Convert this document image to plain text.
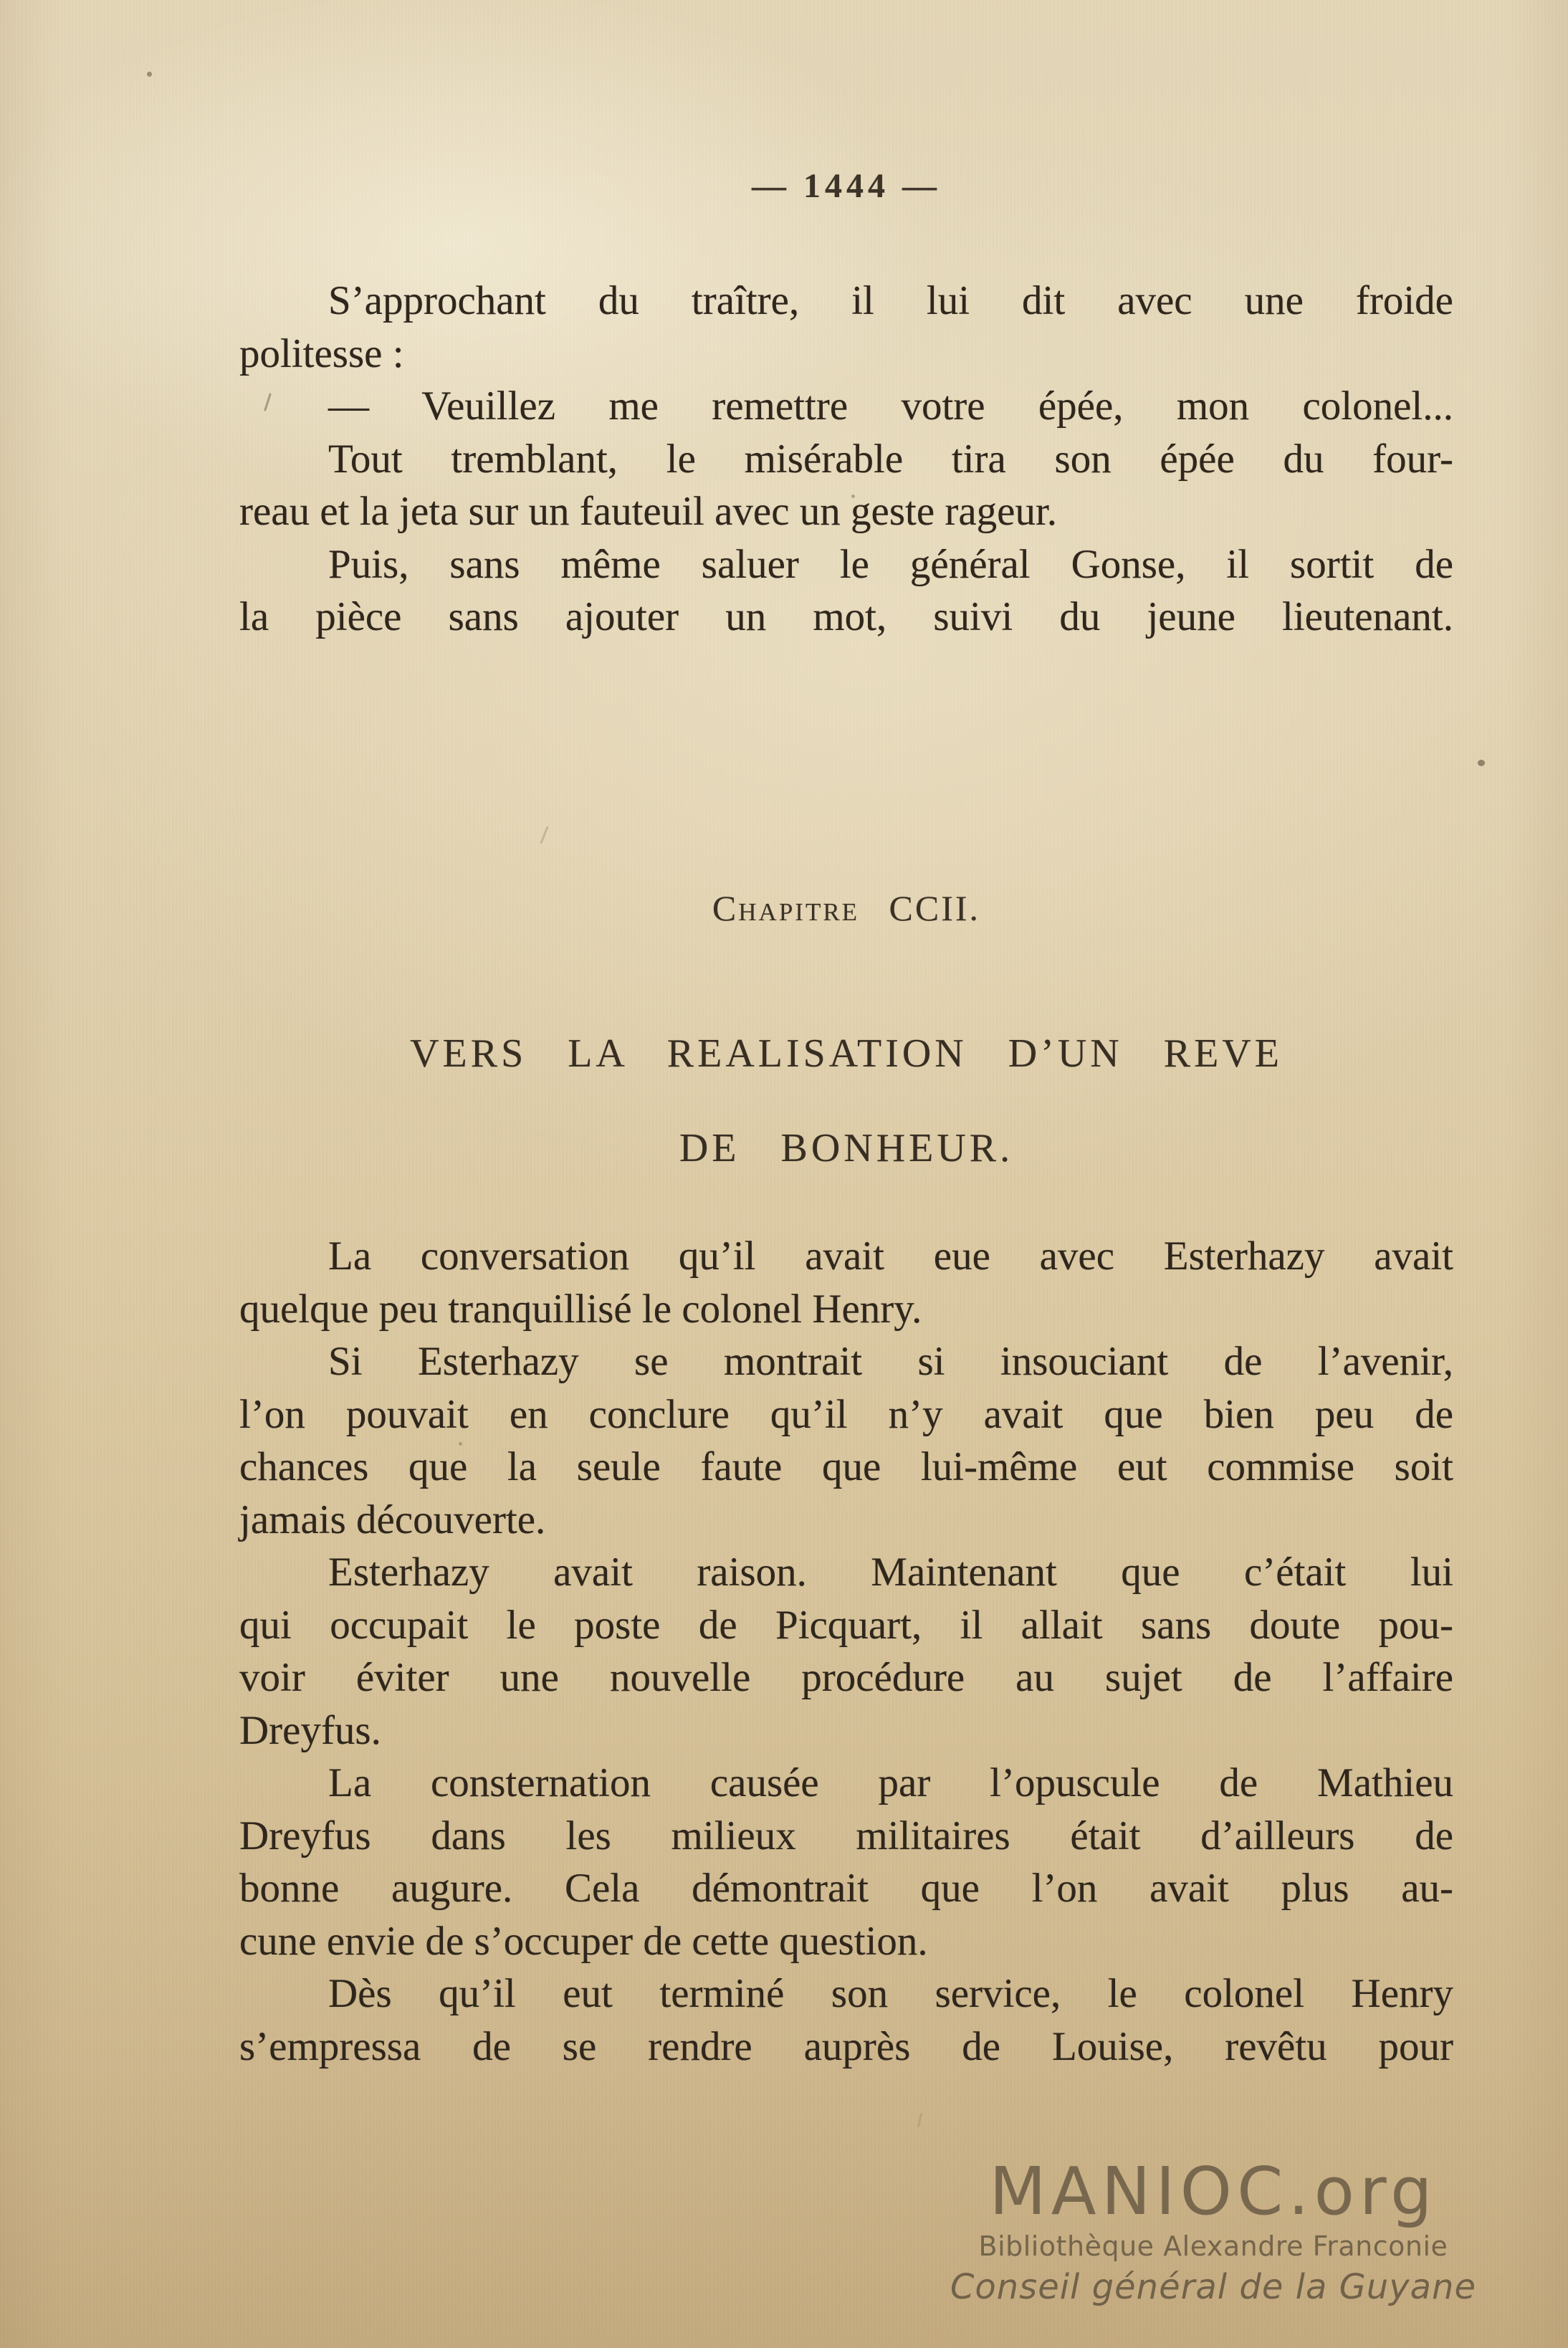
— 1444 —
S’approchant du traître, il lui dit avec une froide
politesse :
— Veuillez me remettre votre épée, mon colonel...
Tout tremblant, le misérable tira son épée du four-
reau et la jeta sur un fauteuil avec un geste rageur.
Puis, sans même saluer le général Gonse, il sortit de
la pièce sans ajouter un mot, suivi du jeune lieutenant.
Chapitre CCII.
VERS LA REALISATION D’UN REVE
DE BONHEUR.
La conversation qu’il avait eue avec Esterhazy avait
quelque peu tranquillisé le colonel Henry.
Si Esterhazy se montrait si insouciant de l’avenir,
l’on pouvait en conclure qu’il n’y avait que bien peu de
chances que la seule faute que lui-même eut commise soit
jamais découverte.
Esterhazy avait raison. Maintenant que c’était lui
qui occupait le poste de Picquart, il allait sans doute pou-
voir éviter une nouvelle procédure au sujet de l’affaire
Dreyfus.
La consternation causée par l’opuscule de Mathieu
Dreyfus dans les milieux militaires était d’ailleurs de
bonne augure. Cela démontrait que l’on avait plus au-
cune envie de s’occuper de cette question.
Dès qu’il eut terminé son service, le colonel Henry
s’empressa de se rendre auprès de Louise, revêtu pour
MANIOC.org
Bibliothèque Alexandre Franconie
Conseil général de la Guyane
